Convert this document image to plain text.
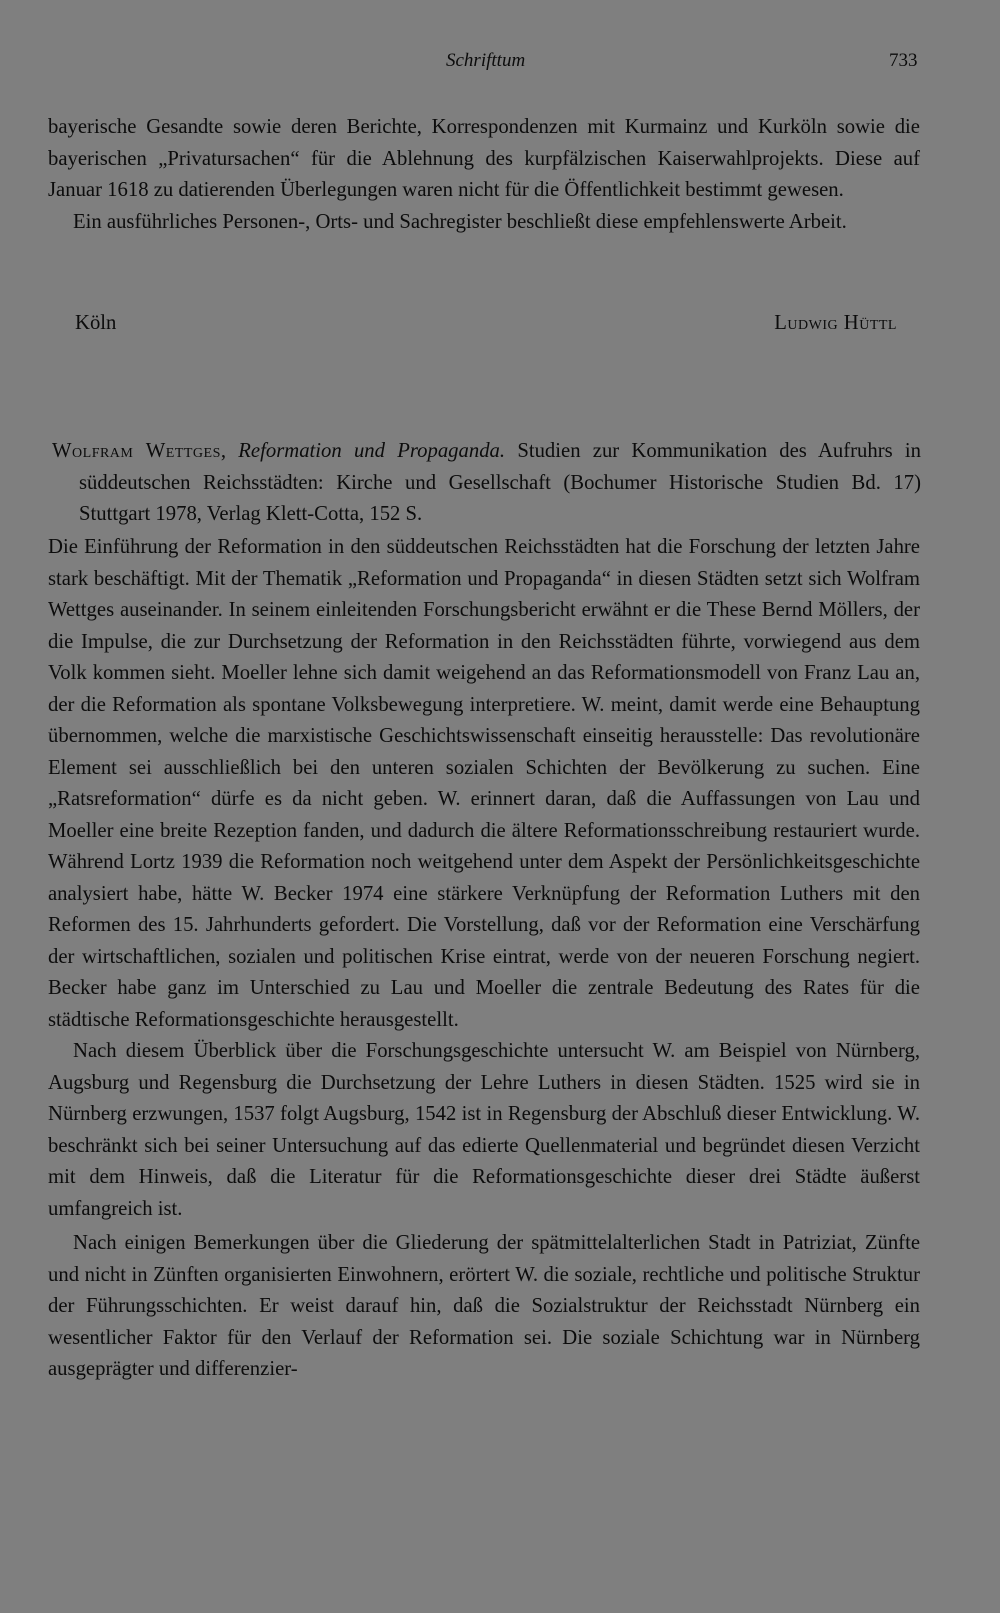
Schrifttum	733

bayerische Gesandte sowie deren Berichte, Korrespondenzen mit Kurmainz und Kurköln sowie die bayerischen „Privatursachen“ für die Ablehnung des kurpfälzischen Kaiserwahlprojekts. Diese auf Januar 1618 zu datierenden Überlegungen waren nicht für die Öffentlichkeit bestimmt gewesen.

Ein ausführliches Personen-, Orts- und Sachregister beschließt diese empfehlenswerte Arbeit.

Köln	Ludwig Hüttl

Wolfram Wettges, Reformation und Propaganda. Studien zur Kommunikation des Aufruhrs in süddeutschen Reichsstädten: Kirche und Gesellschaft (Bochumer Historische Studien Bd. 17) Stuttgart 1978, Verlag Klett-Cotta, 152 S.

Die Einführung der Reformation in den süddeutschen Reichsstädten hat die Forschung der letzten Jahre stark beschäftigt. Mit der Thematik „Reformation und Propaganda“ in diesen Städten setzt sich Wolfram Wettges auseinander. In seinem einleitenden Forschungsbericht erwähnt er die These Bernd Möllers, der die Impulse, die zur Durchsetzung der Reformation in den Reichsstädten führte, vorwiegend aus dem Volk kommen sieht. Moeller lehne sich damit weigehend an das Reformationsmodell von Franz Lau an, der die Reformation als spontane Volksbewegung interpretiere. W. meint, damit werde eine Behauptung übernommen, welche die marxistische Geschichtswissenschaft einseitig herausstelle: Das revolutionäre Element sei ausschließlich bei den unteren sozialen Schichten der Bevölkerung zu suchen. Eine „Ratsreformation“ dürfe es da nicht geben. W. erinnert daran, daß die Auffassungen von Lau und Moeller eine breite Rezeption fanden, und dadurch die ältere Reformationsschreibung restauriert wurde. Während Lortz 1939 die Reformation noch weitgehend unter dem Aspekt der Persönlichkeitsgeschichte analysiert habe, hätte W. Becker 1974 eine stärkere Verknüpfung der Reformation Luthers mit den Reformen des 15. Jahrhunderts gefordert. Die Vorstellung, daß vor der Reformation eine Verschärfung der wirtschaftlichen, sozialen und politischen Krise eintrat, werde von der neueren Forschung negiert. Becker habe ganz im Unterschied zu Lau und Moeller die zentrale Bedeutung des Rates für die städtische Reformationsgeschichte herausgestellt.

Nach diesem Überblick über die Forschungsgeschichte untersucht W. am Beispiel von Nürnberg, Augsburg und Regensburg die Durchsetzung der Lehre Luthers in diesen Städten. 1525 wird sie in Nürnberg erzwungen, 1537 folgt Augsburg, 1542 ist in Regensburg der Abschluß dieser Entwicklung. W. beschränkt sich bei seiner Untersuchung auf das edierte Quellenmaterial und begründet diesen Verzicht mit dem Hinweis, daß die Literatur für die Reformationsgeschichte dieser drei Städte äußerst umfangreich ist.

Nach einigen Bemerkungen über die Gliederung der spätmittelalterlichen Stadt in Patriziat, Zünfte und nicht in Zünften organisierten Einwohnern, erörtert W. die soziale, rechtliche und politische Struktur der Führungsschichten. Er weist darauf hin, daß die Sozialstruktur der Reichsstadt Nürnberg ein wesentlicher Faktor für den Verlauf der Reformation sei. Die soziale Schichtung war in Nürnberg ausgeprägter und differenzier-
